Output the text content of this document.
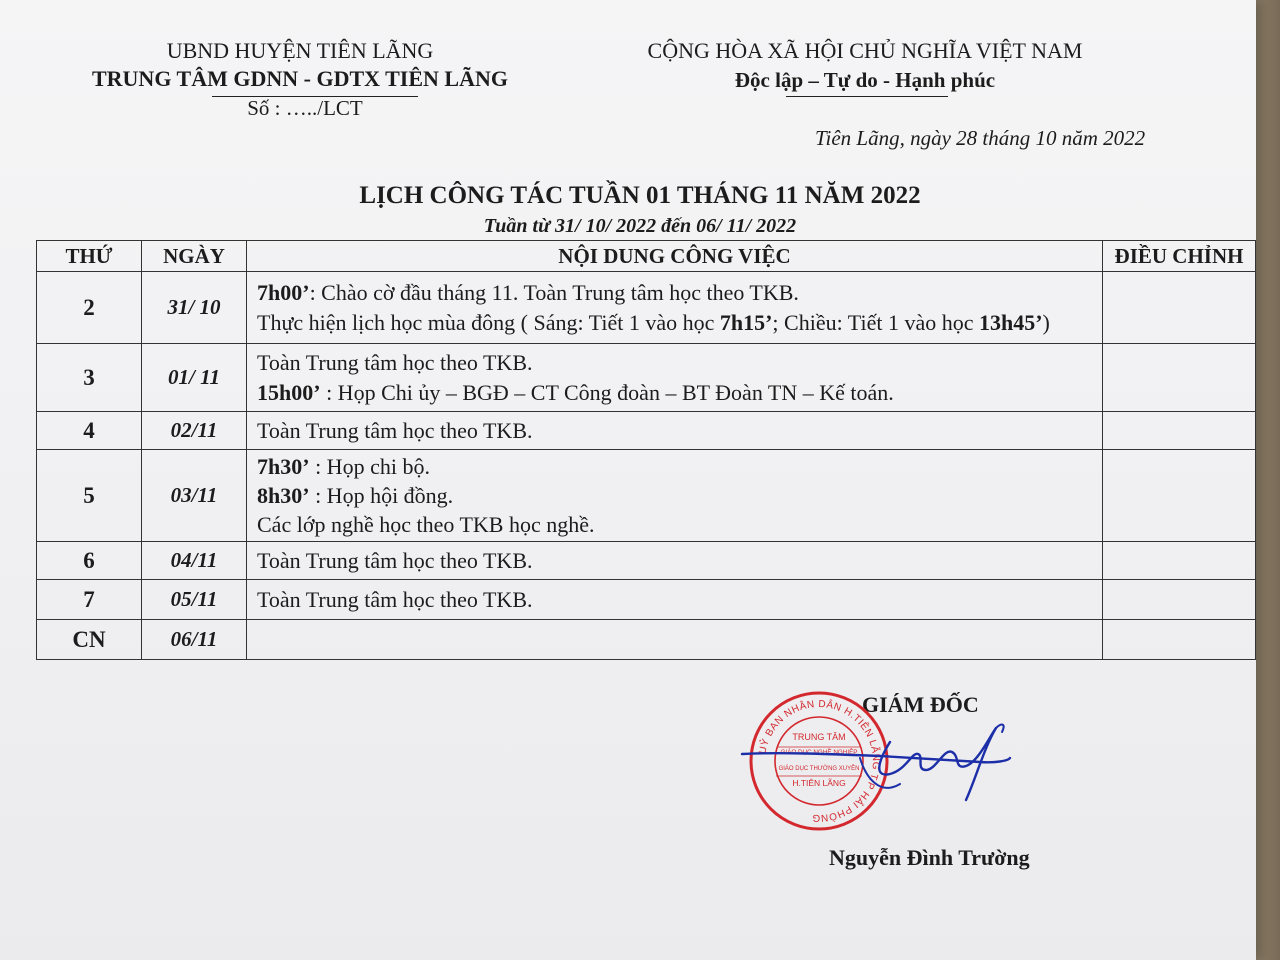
UBND HUYỆN TIÊN LÃNG
TRUNG TÂM GDNN - GDTX TIÊN LÃNG
Số : …../LCT
CỘNG HÒA XÃ HỘI CHỦ NGHĨA VIỆT NAM
Độc lập – Tự do - Hạnh phúc
Tiên Lãng, ngày 28 tháng 10 năm 2022
LỊCH CÔNG TÁC TUẦN 01 THÁNG 11 NĂM 2022
Tuần từ 31/ 10/ 2022 đến 06/ 11/ 2022
THỨ	NGÀY	NỘI DUNG CÔNG VIỆC	ĐIỀU CHỈNH
2	31/ 10	7h00’: Chào cờ đầu tháng 11. Toàn Trung tâm học theo TKB.
Thực hiện lịch học mùa đông ( Sáng: Tiết 1 vào học 7h15’; Chiều: Tiết 1 vào học 13h45’)	

3	01/ 11	Toàn Trung tâm học theo TKB.
15h00’ : Họp Chi ủy – BGĐ – CT Công đoàn – BT Đoàn TN – Kế toán.	

4	02/11	Toàn Trung tâm học theo TKB.	

5	03/11	7h30’ : Họp chi bộ.
8h30’ : Họp hội đồng.
Các lớp nghề học theo TKB học nghề.	

6	04/11	Toàn Trung tâm học theo TKB.	

7	05/11	Toàn Trung tâm học theo TKB.	

CN	06/11		
GIÁM ĐỐC
UỶ BAN NHÂN DÂN H.TIÊN LÃNG T.P HẢI PHÒNG
TRUNG TÂM
GIÁO DỤC NGHỀ NGHIỆP
GIÁO DỤC THƯỜNG XUYÊN
H.TIÊN LÃNG
Nguyễn Đình Trường
